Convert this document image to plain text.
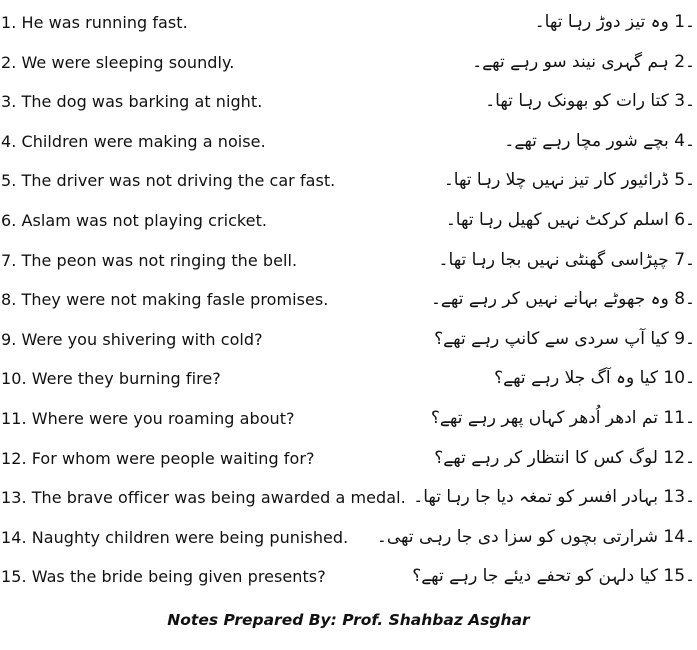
1. He was running fast.	۔1 وہ تیز دوڑ رہا تھا۔
2. We were sleeping soundly.	۔2 ہم گہری نیند سو رہے تھے۔
3. The dog was barking at night.	۔3 کتا رات کو بھونک رہا تھا۔
4. Children were making a noise.	۔4 بچے شور مچا رہے تھے۔
5. The driver was not driving the car fast.	۔5 ڈرائیور کار تیز نہیں چلا رہا تھا۔
6. Aslam was not playing cricket.	۔6 اسلم کرکٹ نہیں کھیل رہا تھا۔
7. The peon was not ringing the bell.	۔7 چپڑاسی گھنٹی نہیں بجا رہا تھا۔
8. They were not making fasle promises.	۔8 وہ جھوٹے بہانے نہیں کر رہے تھے۔
9. Were you shivering with cold?	۔9 کیا آپ سردی سے کانپ رہے تھے؟
10. Were they burning fire?	۔10 کیا وہ آگ جلا رہے تھے؟
11. Where were you roaming about?	۔11 تم ادھر اُدھر کہاں پھر رہے تھے؟
12. For whom were people waiting for?	۔12 لوگ کس کا انتظار کر رہے تھے؟
13. The brave officer was being awarded a medal. ۔13 بہادر افسر کو تمغہ دیا جا رہا تھا۔
14. Naughty children were being punished. ۔14 شرارتی بچوں کو سزا دی جا رہی تھی۔
15. Was the bride being given presents?	۔15 کیا دلہن کو تحفے دیئے جا رہے تھے؟
Notes Prepared By: Prof. Shahbaz Asghar
